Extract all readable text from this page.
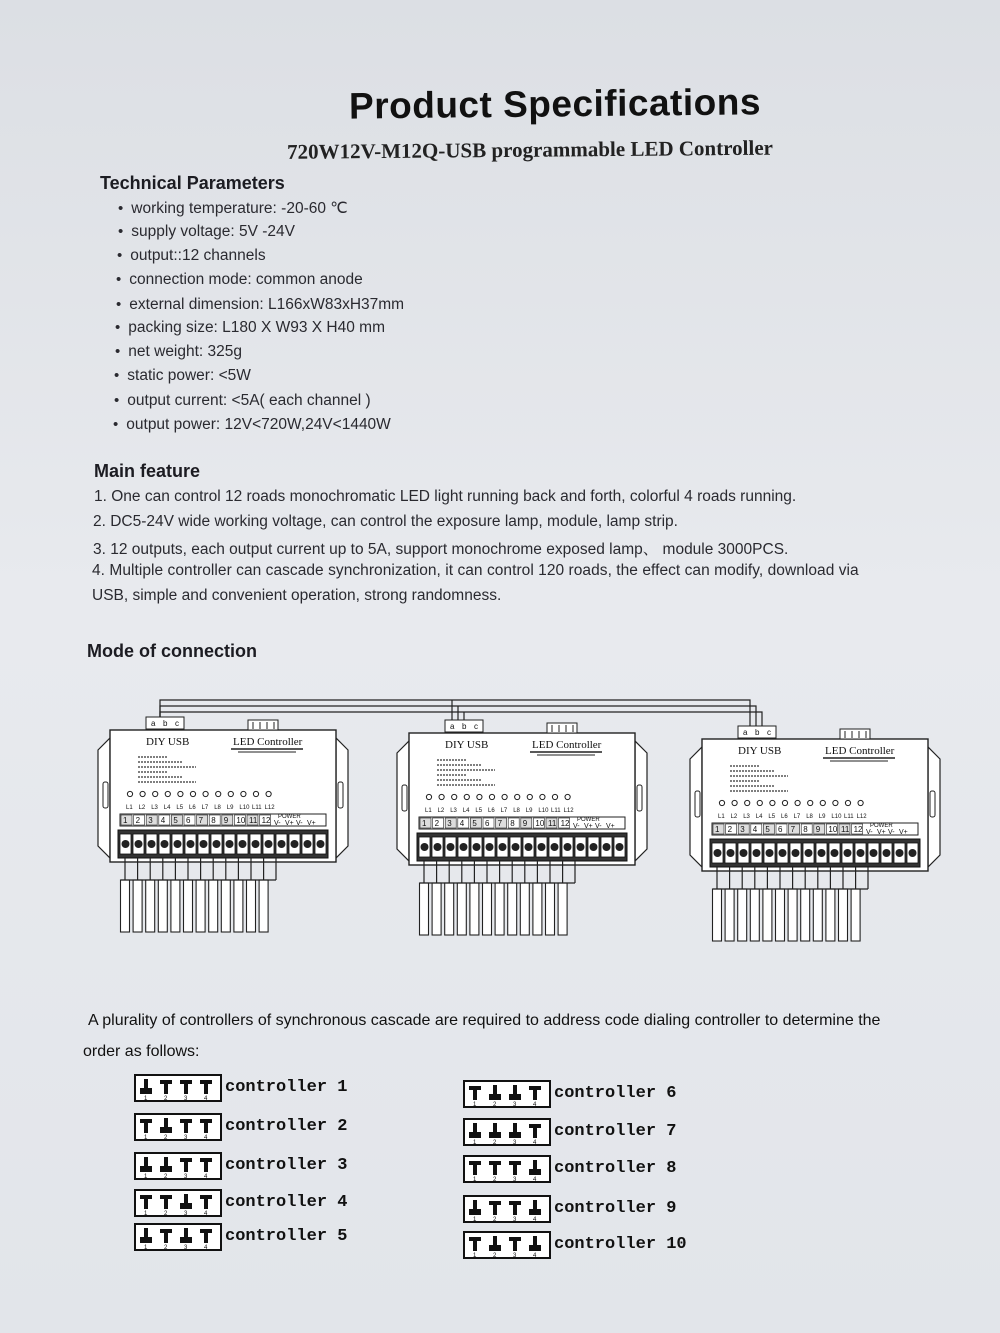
Product Specifications
720W12V-M12Q-USB programmable LED Controller
Technical Parameters
• working temperature: -20-60 ℃
• supply voltage: 5V -24V
• output::12 channels
• connection mode: common anode
• external dimension: L166xW83xH37mm
• packing size: L180 X W93 X H40 mm
• net weight: 325g
• static power: <5W
• output current: <5A( each channel )
• output power: 12V<720W,24V<1440W
Main feature
1. One can control 12 roads monochromatic LED light running back and forth, colorful 4 roads running.
2. DC5-24V wide working voltage, can control the exposure lamp, module, lamp strip.
3. 12 outputs, each output current up to 5A, support monochrome exposed lamp、 module 3000PCS.
4. Multiple controller can cascade synchronization, it can control 120 roads, the effect can modify, download via
USB, simple and convenient operation, strong randomness.
Mode of connection
a b c
DIY USB	LED Controller
L1 L2 L3 L4 L5 L6 L7 L8 L9 L10 L11 L12
1 2 3 4 5 6 7 8 9 10 11 12 POWER
V- V+ V- V+
a b c
DIY USB	LED Controller
L1 L2 L3 L4 L5 L6 L7 L8 L9 L10 L11 L12
1 2 3 4 5 6 7 8 9 10 11 12 POWER
V- V+ V- V+
a b c
DIY USB	LED Controller
L1 L2 L3 L4 L5 L6 L7 L8 L9 L10 L11 L12
1 2 3 4 5 6 7 8 9 10 11 12 POWER
V- V+ V- V+
A plurality of controllers of synchronous cascade are required to address code dialing controller to determine the
order as follows:
1	2	3	4
controller 1
1	2	3	4
controller 2
1	2	3	4
controller 3
1	2	3	4
controller 4
1	2	3	4
controller 5
1	2	3	4
controller 6
1	2	3	4
controller 7
1	2	3	4
controller 8
1	2	3	4
controller 9
1	2	3	4
controller 10
